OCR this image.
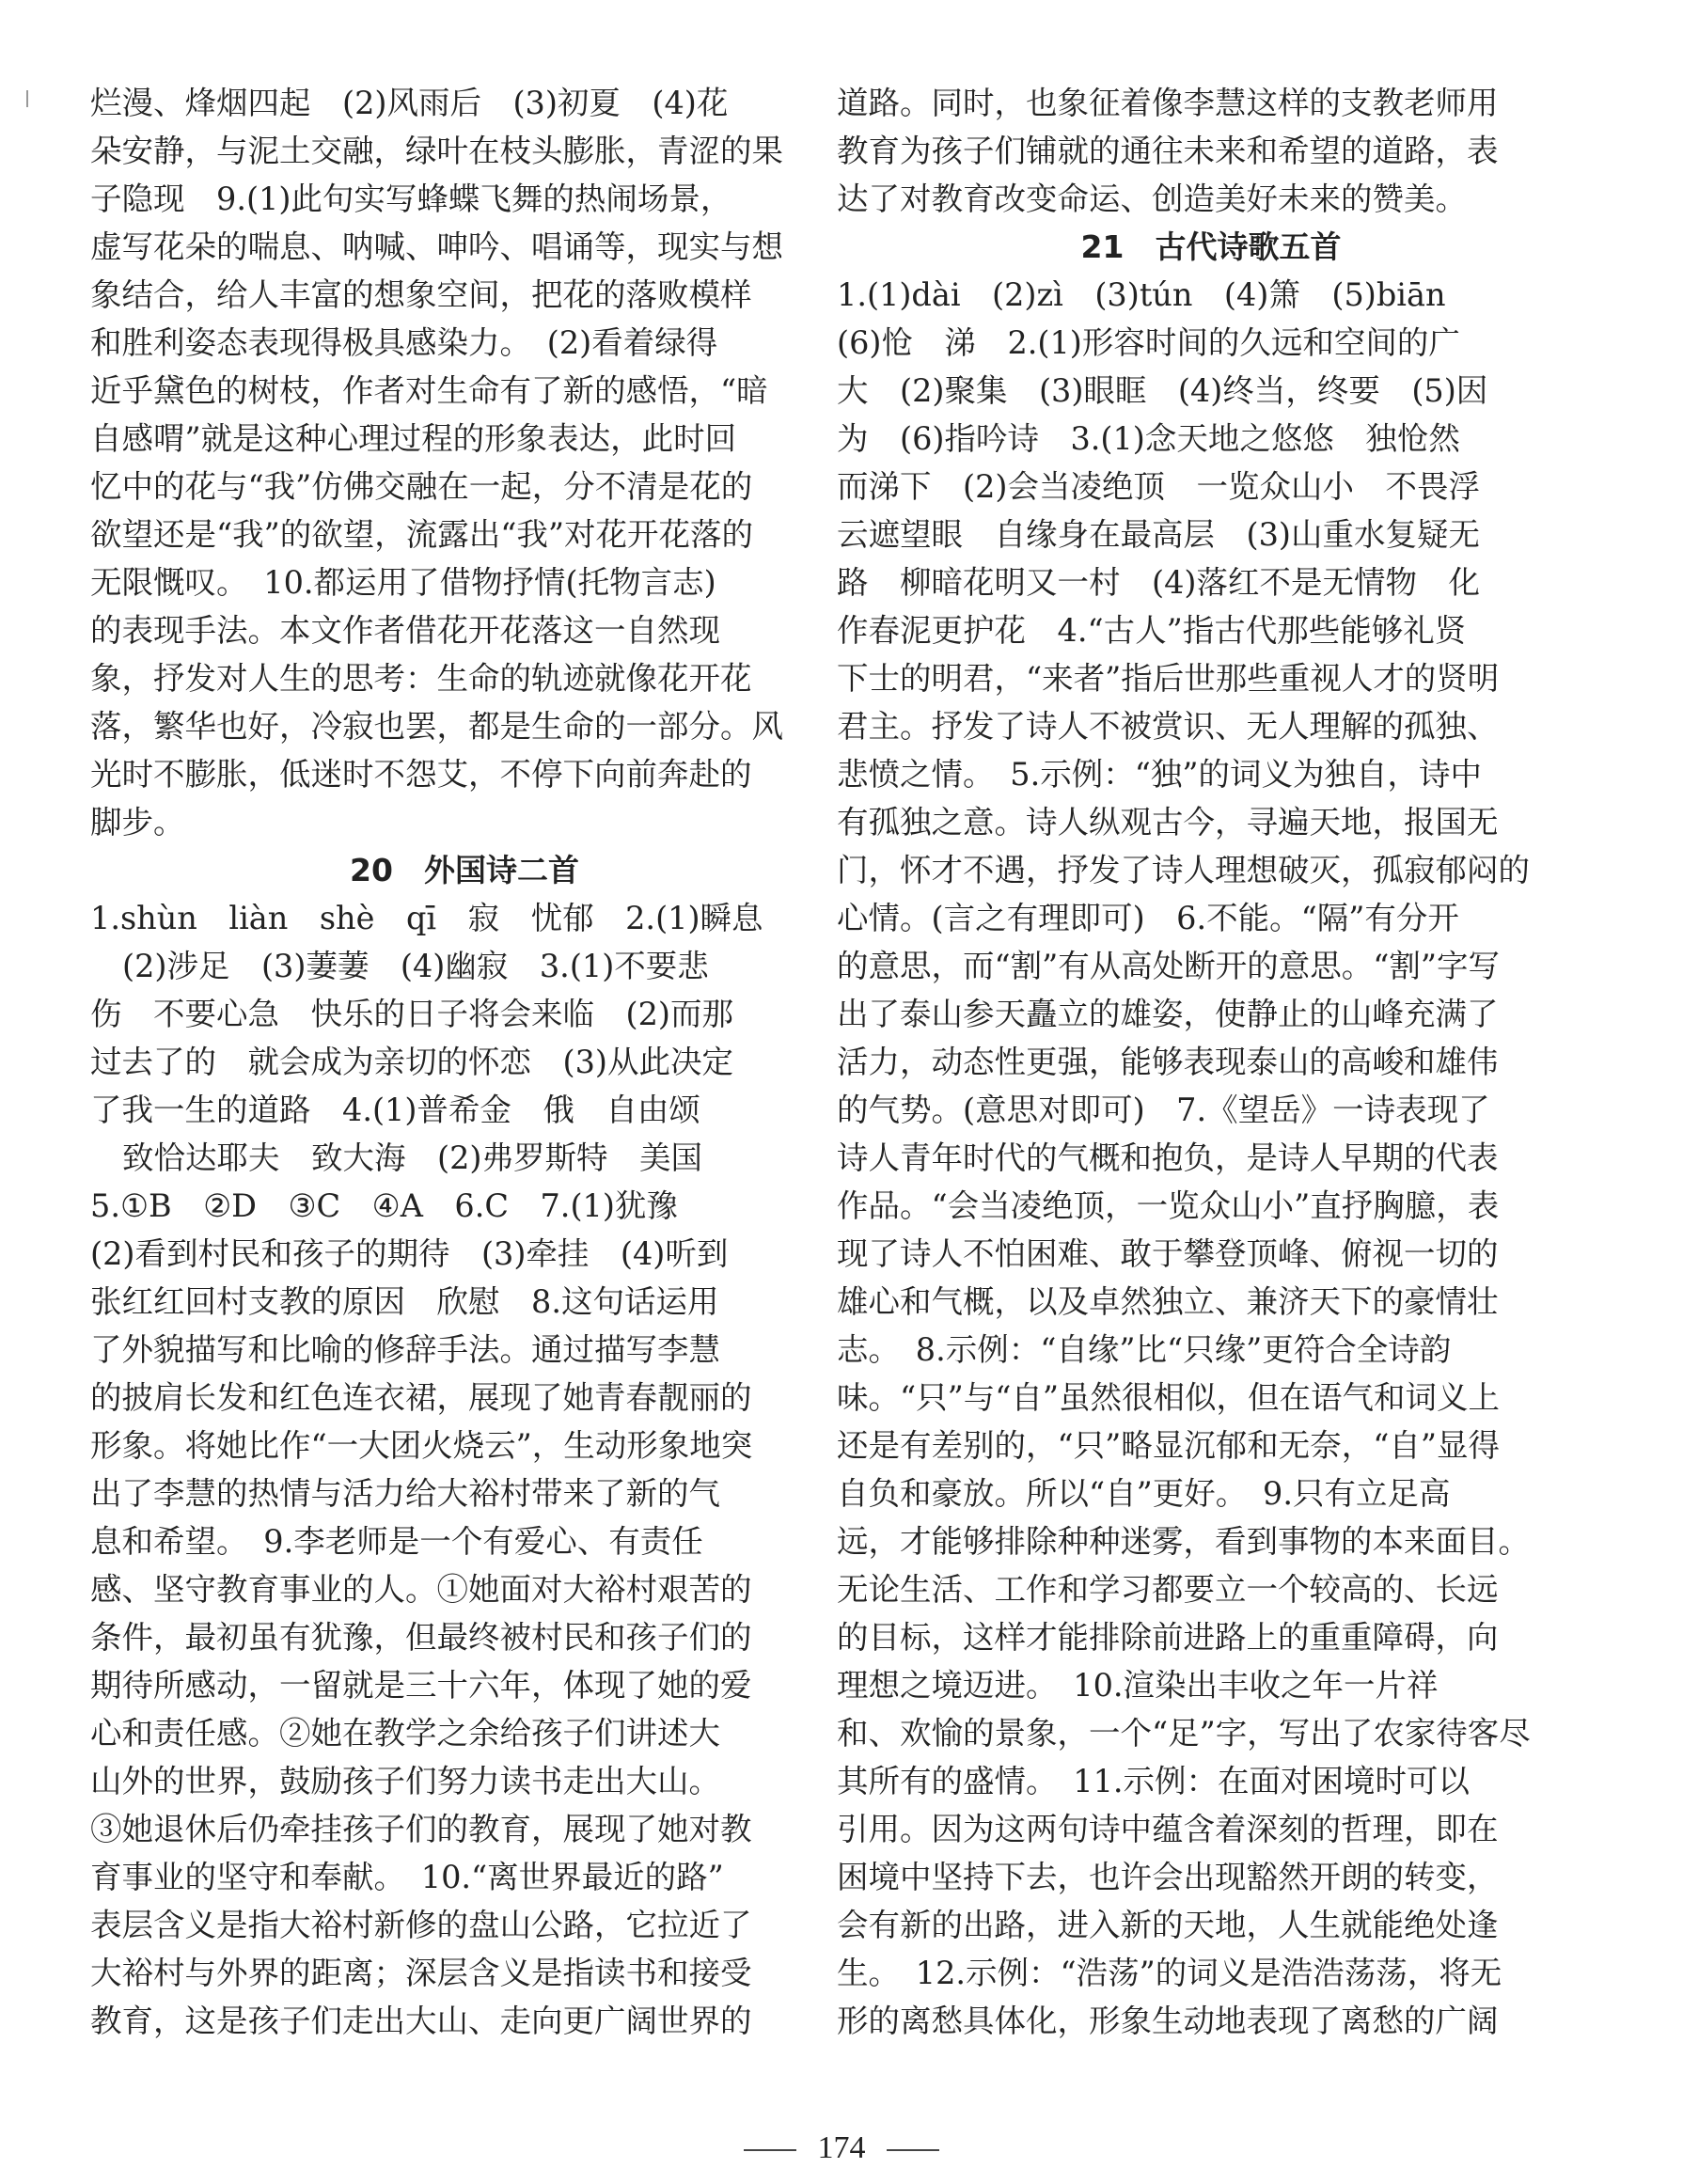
烂漫、烽烟四起　(2)风雨后　(3)初夏　(4)花
朵安静，与泥土交融，绿叶在枝头膨胀，青涩的果
子隐现　9.(1)此句实写蜂蝶飞舞的热闹场景，
虚写花朵的喘息、呐喊、呻吟、唱诵等，现实与想
象结合，给人丰富的想象空间，把花的落败模样
和胜利姿态表现得极具感染力。　(2)看着绿得
近乎黛色的树枝，作者对生命有了新的感悟，“暗
自感喟”就是这种心理过程的形象表达，此时回
忆中的花与“我”仿佛交融在一起，分不清是花的
欲望还是“我”的欲望，流露出“我”对花开花落的
无限慨叹。　10.都运用了借物抒情(托物言志)
的表现手法。本文作者借花开花落这一自然现
象，抒发对人生的思考：生命的轨迹就像花开花
落，繁华也好，冷寂也罢，都是生命的一部分。风
光时不膨胀，低迷时不怨艾，不停下向前奔赴的
脚步。
20　外国诗二首
1.shùn　liàn　shè　qī　寂　忧郁　2.(1)瞬息
(2)涉足　(3)萋萋　(4)幽寂　3.(1)不要悲
伤　不要心急　快乐的日子将会来临　(2)而那
过去了的　就会成为亲切的怀恋　(3)从此决定
了我一生的道路　4.(1)普希金　俄　自由颂
致恰达耶夫　致大海　(2)弗罗斯特　美国
5.①B　②D　③C　④A　6.C　7.(1)犹豫
(2)看到村民和孩子的期待　(3)牵挂　(4)听到
张红红回村支教的原因　欣慰　8.这句话运用
了外貌描写和比喻的修辞手法。通过描写李慧
的披肩长发和红色连衣裙，展现了她青春靓丽的
形象。将她比作“一大团火烧云”，生动形象地突
出了李慧的热情与活力给大裕村带来了新的气
息和希望。　9.李老师是一个有爱心、有责任
感、坚守教育事业的人。①她面对大裕村艰苦的
条件，最初虽有犹豫，但最终被村民和孩子们的
期待所感动，一留就是三十六年，体现了她的爱
心和责任感。②她在教学之余给孩子们讲述大
山外的世界，鼓励孩子们努力读书走出大山。
③她退休后仍牵挂孩子们的教育，展现了她对教
育事业的坚守和奉献。　10.“离世界最近的路”
表层含义是指大裕村新修的盘山公路，它拉近了
大裕村与外界的距离；深层含义是指读书和接受
教育，这是孩子们走出大山、走向更广阔世界的
道路。同时，也象征着像李慧这样的支教老师用
教育为孩子们铺就的通往未来和希望的道路，表
达了对教育改变命运、创造美好未来的赞美。
21　古代诗歌五首
1.(1)dài　(2)zì　(3)tún　(4)箫　(5)biān
(6)怆　涕　2.(1)形容时间的久远和空间的广
大　(2)聚集　(3)眼眶　(4)终当，终要　(5)因
为　(6)指吟诗　3.(1)念天地之悠悠　独怆然
而涕下　(2)会当凌绝顶　一览众山小　不畏浮
云遮望眼　自缘身在最高层　(3)山重水复疑无
路　柳暗花明又一村　(4)落红不是无情物　化
作春泥更护花　4.“古人”指古代那些能够礼贤
下士的明君，“来者”指后世那些重视人才的贤明
君主。抒发了诗人不被赏识、无人理解的孤独、
悲愤之情。　5.示例：“独”的词义为独自，诗中
有孤独之意。诗人纵观古今，寻遍天地，报国无
门，怀才不遇，抒发了诗人理想破灭，孤寂郁闷的
心情。(言之有理即可)　6.不能。“隔”有分开
的意思，而“割”有从高处断开的意思。“割”字写
出了泰山参天矗立的雄姿，使静止的山峰充满了
活力，动态性更强，能够表现泰山的高峻和雄伟
的气势。(意思对即可)　7.《望岳》一诗表现了
诗人青年时代的气概和抱负，是诗人早期的代表
作品。“会当凌绝顶，一览众山小”直抒胸臆，表
现了诗人不怕困难、敢于攀登顶峰、俯视一切的
雄心和气概，以及卓然独立、兼济天下的豪情壮
志。　8.示例：“自缘”比“只缘”更符合全诗韵
味。“只”与“自”虽然很相似，但在语气和词义上
还是有差别的，“只”略显沉郁和无奈，“自”显得
自负和豪放。所以“自”更好。　9.只有立足高
远，才能够排除种种迷雾，看到事物的本来面目。
无论生活、工作和学习都要立一个较高的、长远
的目标，这样才能排除前进路上的重重障碍，向
理想之境迈进。　10.渲染出丰收之年一片祥
和、欢愉的景象，一个“足”字，写出了农家待客尽
其所有的盛情。　11.示例：在面对困境时可以
引用。因为这两句诗中蕴含着深刻的哲理，即在
困境中坚持下去，也许会出现豁然开朗的转变，
会有新的出路，进入新的天地，人生就能绝处逢
生。　12.示例：“浩荡”的词义是浩浩荡荡，将无
形的离愁具体化，形象生动地表现了离愁的广阔
174
